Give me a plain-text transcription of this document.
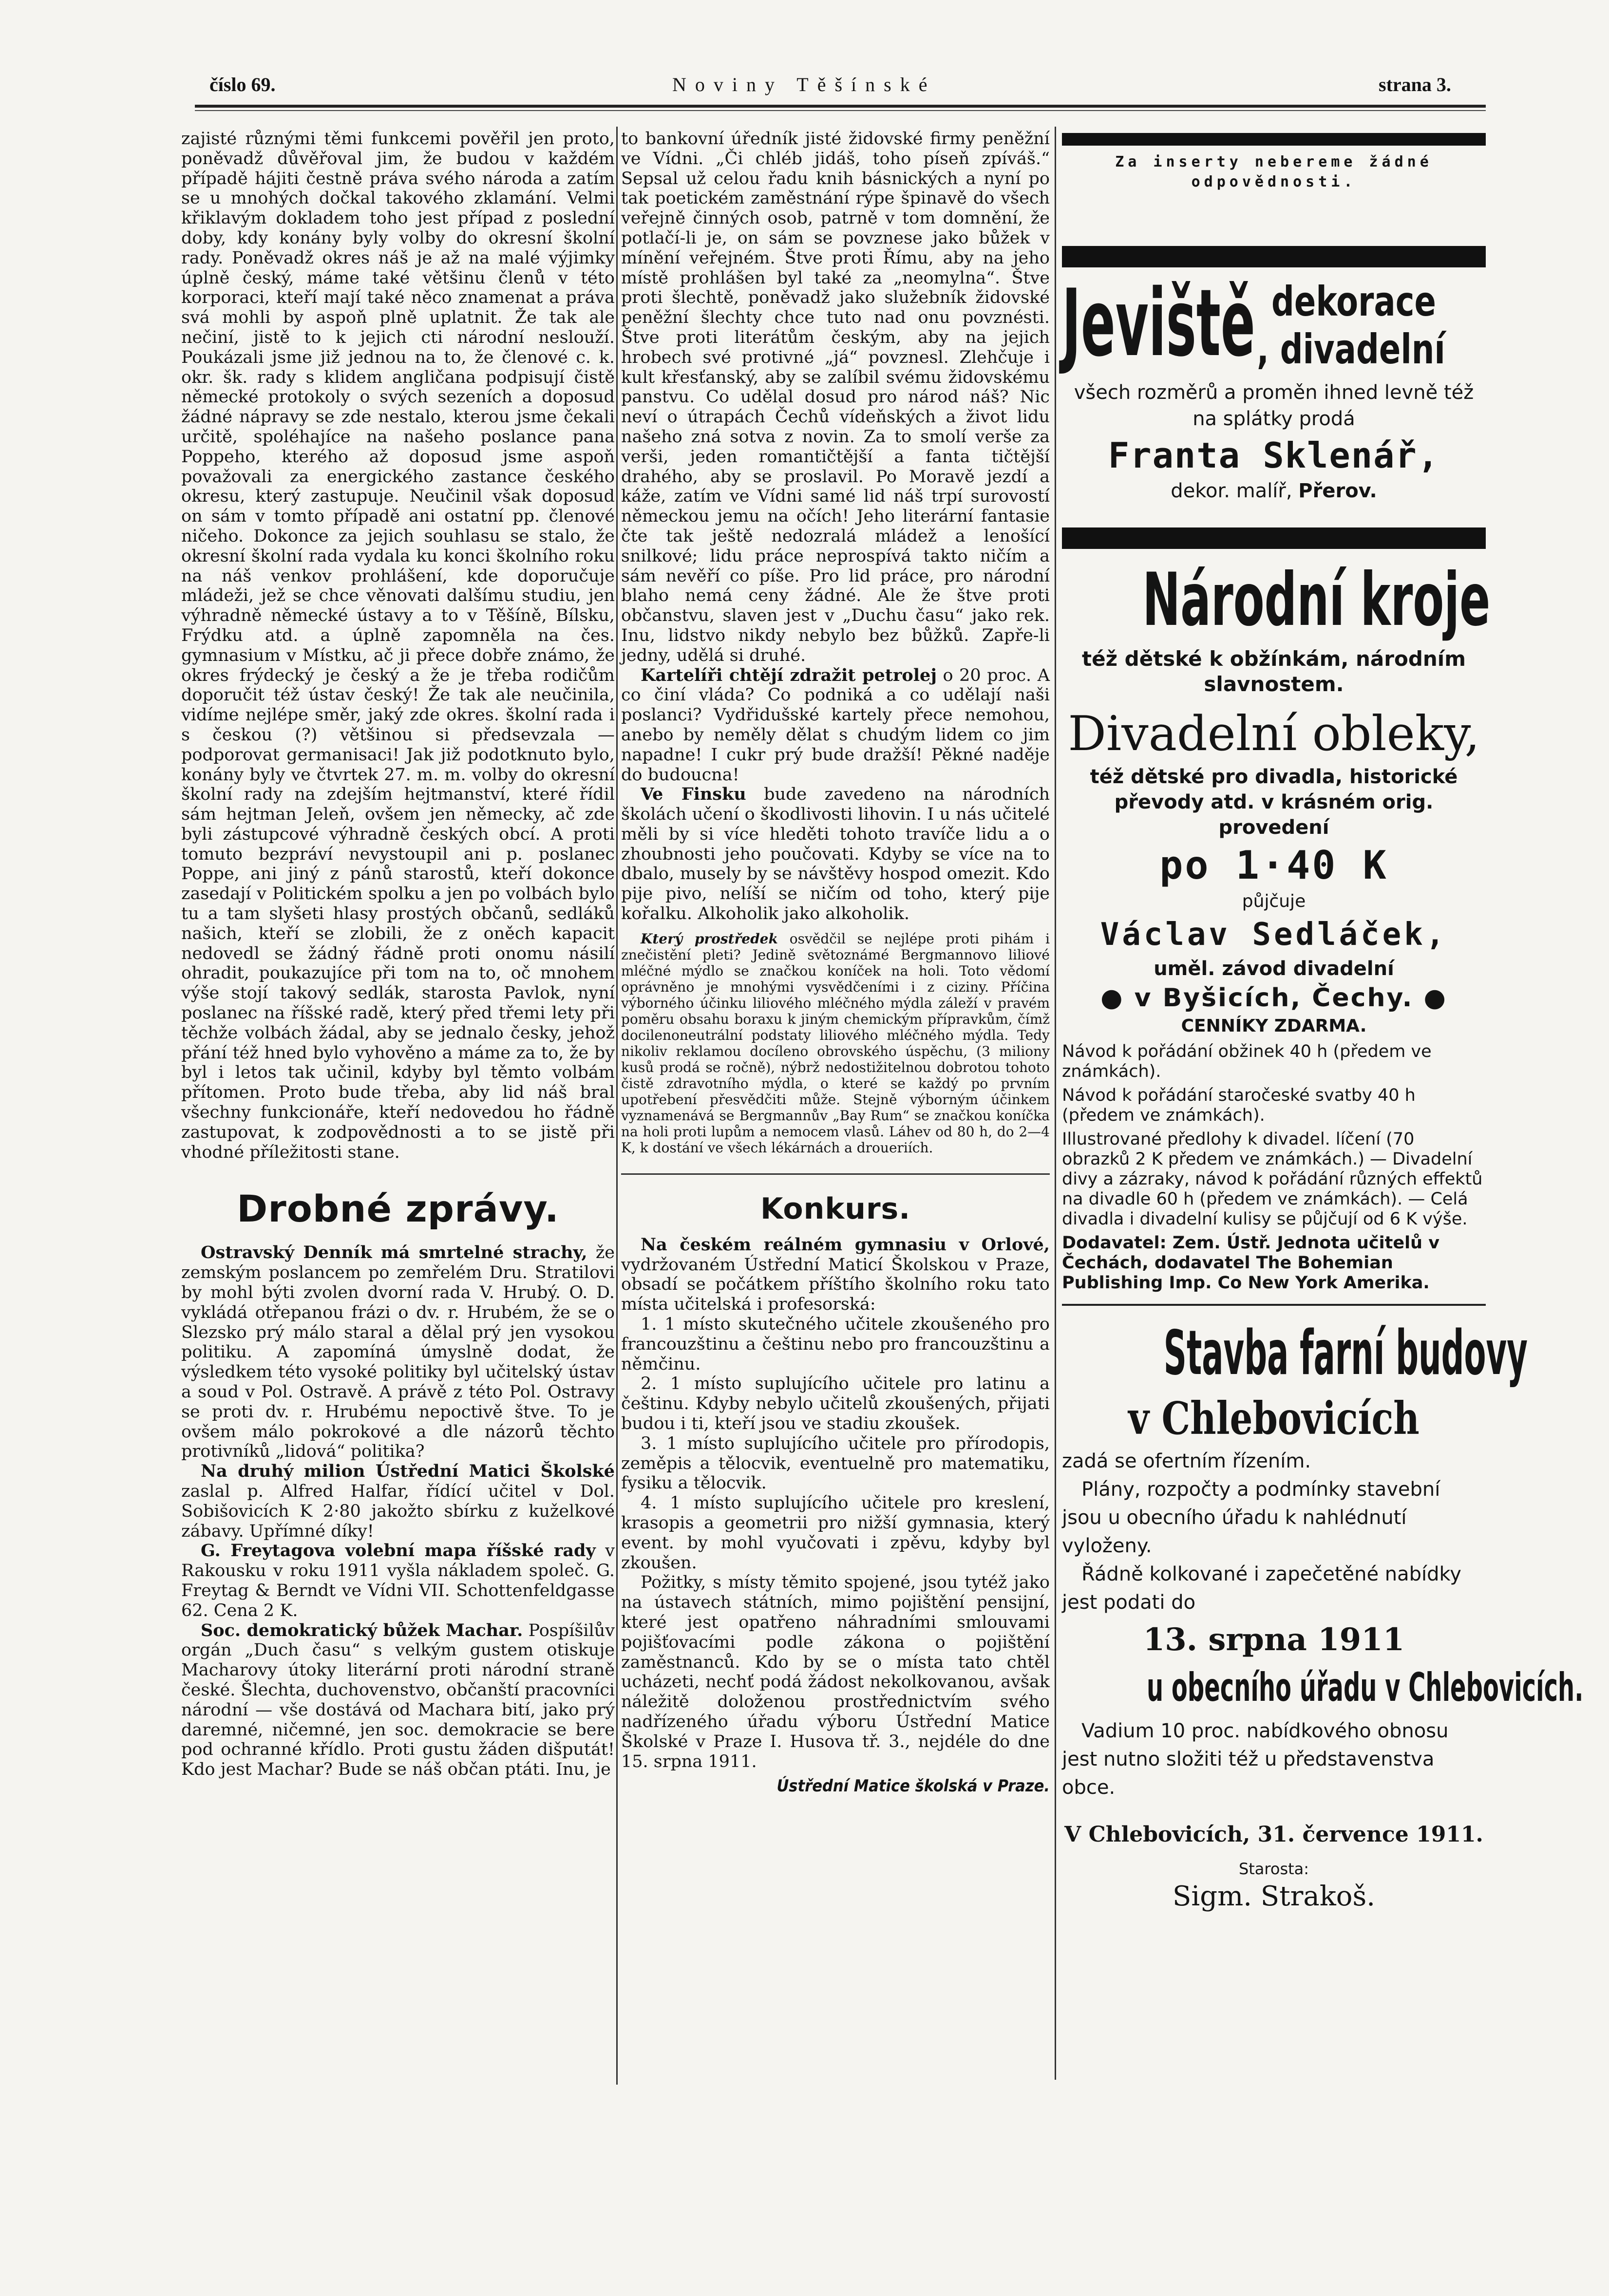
číslo 69.	Noviny Těšínské	strana 3.

zajisté různými těmi funkcemi pověřil jen proto, poněvadž důvěřoval jim, že budou v každém případě hájiti čestně práva svého národa a zatím se u mnohých dočkal takového zklamání. Velmi křiklavým dokladem toho jest případ z poslední doby, kdy konány byly volby do okresní školní rady. Poněvadž okres náš je až na malé výjimky úplně český, máme také většinu členů v této korporaci, kteří mají také něco znamenat a práva svá mohli by aspoň plně uplatnit. Že tak ale nečiní, jistě to k jejich cti národní neslouží. Poukázali jsme již jednou na to, že členové c. k. okr. šk. rady s klidem angličana podpisují čistě německé protokoly o svých sezeních a doposud žádné nápravy se zde nestalo, kterou jsme čekali určitě, spoléhajíce na našeho poslance pana Poppeho, kterého až doposud jsme aspoň považovali za energického zastance českého okresu, který zastupuje. Neučinil však doposud on sám v tomto případě ani ostatní pp. členové ničeho. Dokonce za jejich souhlasu se stalo, že okresní školní rada vydala ku konci školního roku na náš venkov prohlášení, kde doporučuje mládeži, jež se chce věnovati dalšímu studiu, jen výhradně německé ústavy a to v Těšíně, Bílsku, Frýdku atd. a úplně zapomněla na čes. gymnasium v Místku, ač ji přece dobře známo, že okres frýdecký je český a že je třeba rodičům doporučit též ústav český! Že tak ale neučinila, vidíme nejlépe směr, jaký zde okres. školní rada i s českou (?) většinou si předsevzala — podporovat germanisaci! Jak již podotknuto bylo, konány byly ve čtvrtek 27. m. m. volby do okresní školní rady na zdejším hejtmanství, které řídil sám hejtman Jeleň, ovšem jen německy, ač zde byli zástupcové výhradně českých obcí. A proti tomuto bezpráví nevystoupil ani p. poslanec Poppe, ani jiný z pánů starostů, kteří dokonce zasedají v Politickém spolku a jen po volbách bylo tu a tam slyšeti hlasy prostých občanů, sedláků našich, kteří se zlobili, že z oněch kapacit nedovedl se žádný řádně proti onomu násilí ohradit, poukazujíce při tom na to, oč mnohem výše stojí takový sedlák, starosta Pavlok, nyní poslanec na říšské radě, který před třemi lety při těchže volbách žádal, aby se jednalo česky, jehož přání též hned bylo vyhověno a máme za to, že by byl i letos tak učinil, kdyby byl těmto volbám přítomen. Proto bude třeba, aby lid náš bral všechny funkcionáře, kteří nedovedou ho řádně zastupovat, k zodpovědnosti a to se jistě při vhodné příležitosti stane.

Drobné zprávy.

Ostravský Denník má smrtelné strachy, že zemským poslancem po zemřelém Dru. Stratilovi by mohl býti zvolen dvorní rada V. Hrubý. O. D. vykládá otřepanou frázi o dv. r. Hrubém, že se o Slezsko prý málo staral a dělal prý jen vysokou politiku. A zapomíná úmyslně dodat, že výsledkem této vysoké politiky byl učitelský ústav a soud v Pol. Ostravě. A právě z této Pol. Ostravy se proti dv. r. Hrubému nepoctivě štve. To je ovšem málo pokrokové a dle názorů těchto protivníků „lidová“ politika?

Na druhý milion Ústřední Matici Školské zaslal p. Alfred Halfar, řídící učitel v Dol. Sobišovicích K 2·80 jakožto sbírku z kuželkové zábavy. Upřímné díky!

G. Freytagova volební mapa říšské rady v Rakousku v roku 1911 vyšla nákladem společ. G. Freytag & Berndt ve Vídni VII. Schottenfeldgasse 62. Cena 2 K.

Soc. demokratický bůžek Machar. Pospíšilův orgán „Duch času“ s velkým gustem otiskuje Macharovy útoky literární proti národní straně české. Šlechta, duchovenstvo, občanští pracovníci národní — vše dostává od Machara bití, jako prý daremné, ničemné, jen soc. demokracie se bere pod ochranné křídlo. Proti gustu žáden dišputát! Kdo jest Machar? Bude se náš občan ptáti. Inu, je

to bankovní úředník jisté židovské firmy peněžní ve Vídni. „Či chléb jidáš, toho píseň zpíváš.“ Sepsal už celou řadu knih básnických a nyní po tak poetickém zaměstnání rýpe špinavě do všech veřejně činných osob, patrně v tom domnění, že potlačí-li je, on sám se povznese jako bůžek v mínění veřejném. Štve proti Římu, aby na jeho místě prohlášen byl také za „neomylna“. Štve proti šlechtě, poněvadž jako služebník židovské peněžní šlechty chce tuto nad onu povznésti. Štve proti literátům českým, aby na jejich hrobech své protivné „já“ povznesl. Zlehčuje i kult křesťanský, aby se zalíbil svému židovskému panstvu. Co udělal dosud pro národ náš? Nic neví o útrapách Čechů vídeňských a život lidu našeho zná sotva z novin. Za to smolí verše za verši, jeden romantičtější a fanta tičtější drahého, aby se proslavil. Po Moravě jezdí a káže, zatím ve Vídni samé lid náš trpí surovostí německou jemu na očích! Jeho literární fantasie čte tak ještě nedozralá mládež a lenošící snilkové; lidu práce neprospívá takto ničím a sám nevěří co píše. Pro lid práce, pro národní blaho nemá ceny žádné. Ale že štve proti občanstvu, slaven jest v „Duchu času“ jako rek. Inu, lidstvo nikdy nebylo bez bůžků. Zapře-li jedny, udělá si druhé.

Kartelíři chtějí zdražit petrolej o 20 proc. A co činí vláda? Co podniká a co udělají naši poslanci? Vydřidušské kartely přece nemohou, anebo by neměly dělat s chudým lidem co jim napadne! I cukr prý bude dražší! Pěkné naděje do budoucna!

Ve Finsku bude zavedeno na národních školách učení o škodlivosti lihovin. I u nás učitelé měli by si více hleděti tohoto travíče lidu a o zhoubnosti jeho poučovati. Kdyby se více na to dbalo, musely by se návštěvy hospod omezit. Kdo pije pivo, nelíší se ničím od toho, který pije kořalku. Alkoholik jako alkoholik.

Který prostředek osvědčil se nejlépe proti pihám i znečistění pleti? Jedině světoznámé Bergmannovo liliové mléčné mýdlo se značkou koníček na holi. Toto vědomí oprávněno je mnohými vysvědčeními i z ciziny. Příčina výborného účinku liliového mléčného mýdla záleží v pravém poměru obsahu boraxu k jiným chemickým přípravkům, čímž docilenoneutrální podstaty liliového mléčného mýdla. Tedy nikoliv reklamou docíleno obrovského úspěchu, (3 miliony kusů prodá se ročně), nýbrž nedostižitelnou dobrotou tohoto čistě zdravotního mýdla, o které se každý po prvním upotřebení přesvědčiti může. Stejně výborným účinkem vyznamenává se Bergmannův „Bay Rum“ se značkou koníčka na holi proti lupům a nemocem vlasů. Láhev od 80 h, do 2—4 K, k dostání ve všech lékárnách a droueriích.

Konkurs.

Na českém reálném gymnasiu v Orlové, vydržovaném Ústřední Maticí Školskou v Praze, obsadí se počátkem příštího školního roku tato místa učitelská i profesorská:

1. 1 místo skutečného učitele zkoušeného pro francouzštinu a češtinu nebo pro francouzštinu a němčinu.

2. 1 místo suplujícího učitele pro latinu a češtinu. Kdyby nebylo učitelů zkoušených, přijati budou i ti, kteří jsou ve stadiu zkoušek.

3. 1 místo suplujícího učitele pro přírodopis, zeměpis a tělocvik, eventuelně pro matematiku, fysiku a tělocvik.

4. 1 místo suplujícího učitele pro kreslení, krasopis a geometrii pro nižší gymnasia, který event. by mohl vyučovati i zpěvu, kdyby byl zkoušen.

Požitky, s místy těmito spojené, jsou tytéž jako na ústavech státních, mimo pojištění pensijní, které jest opatřeno náhradními smlouvami pojišťovacími podle zákona o pojištění zaměstnanců. Kdo by se o místa tato chtěl ucházeti, nechť podá žádost nekolkovanou, avšak náležitě doloženou prostřednictvím svého nadřízeného úřadu výboru Ústřední Matice Školské v Praze I. Husova tř. 3., nejdéle do dne 15. srpna 1911.

Ústřední Matice školská v Praze.

Za inserty nebereme žádné odpovědnosti.

Jeviště dekorace
, divadelní

všech rozměrů a proměn ihned levně též na splátky prodá

Franta Sklenář,

dekor. malíř, Přerov.

Národní kroje

též dětské k obžínkám, národním slavnostem.

Divadelní obleky,

též dětské pro divadla, historické převody atd. v krásném orig. provedení

po 1·40 K

půjčuje

Václav Sedláček,

uměl. závod divadelní

● v Byšicích, Čechy. ●

CENNÍKY ZDARMA.

Návod k pořádání obžinek 40 h (předem ve známkách).

Návod k pořádání staročeské svatby 40 h (předem ve známkách).

Illustrované předlohy k divadel. líčení (70 obrazků 2 K předem ve známkách.) — Divadelní divy a zázraky, návod k pořádání různých effektů na divadle 60 h (předem ve známkách). — Celá divadla i divadelní kulisy se půjčují od 6 K výše.

Dodavatel: Zem. Ústř. Jednota učitelů v Čechách, dodavatel The Bohemian Publishing Imp. Co New York Amerika.

Stavba farní budovy

v Chlebovicích

zadá se ofertním řízením.

Plány, rozpočty a podmínky stavební jsou u obecního úřadu k nahlédnutí vyloženy.

Řádně kolkované i zapečetěné nabídky jest podati do

13. srpna 1911

u obecního úřadu v Chlebovicích.

Vadium 10 proc. nabídkového obnosu jest nutno složiti též u představenstva obce.

V Chlebovicích, 31. července 1911.

Starosta:

Sigm. Strakoš.
